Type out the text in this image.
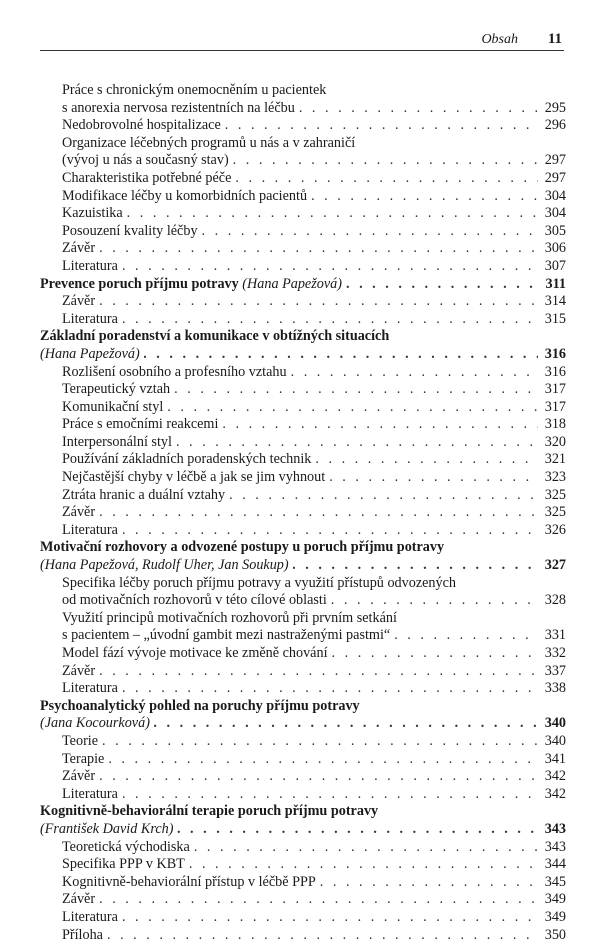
Obsah 11
Práce s chronickým onemocněním u pacientek
s anorexia nervosa rezistentních na léčbu . . .	295
Nedobrovolné hospitalizace . . .	296
Organizace léčebných programů u nás a v zahraničí
(vývoj u nás a současný stav) . . .	297
Charakteristika potřebné péče . . .	297
Modifikace léčby u komorbidních pacientů . . .	304
Kazuistika . . .	304
Posouzení kvality léčby . . .	305
Závěr . . .	306
Literatura . . .	307
Prevence poruch příjmu potravy (Hana Papežová) . . .	311
Závěr . . .	314
Literatura . . .	315
Základní poradenství a komunikace v obtížných situacích
(Hana Papežová) . . .	316
Rozlišení osobního a profesního vztahu . . .	316
Terapeutický vztah . . .	317
Komunikační styl . . .	317
Práce s emočními reakcemi . . .	318
Interpersonální styl . . .	320
Používání základních poradenských technik . . .	321
Nejčastější chyby v léčbě a jak se jim vyhnout . . .	323
Ztráta hranic a duální vztahy . . .	325
Závěr . . .	325
Literatura . . .	326
Motivační rozhovory a odvozené postupy u poruch příjmu potravy
(Hana Papežová, Rudolf Uher, Jan Soukup) . . .	327
Specifika léčby poruch příjmu potravy a využití přístupů odvozených
od motivačních rozhovorů v této cílové oblasti . . .	328
Využití principů motivačních rozhovorů při prvním setkání
s pacientem – „úvodní gambit mezi nastraženými pastmi“ . . .	331
Model fází vývoje motivace ke změně chování . . .	332
Závěr . . .	337
Literatura . . .	338
Psychoanalytický pohled na poruchy příjmu potravy
(Jana Kocourková) . . .	340
Teorie . . .	340
Terapie . . .	341
Závěr . . .	342
Literatura . . .	342
Kognitivně-behaviorální terapie poruch příjmu potravy
(František David Krch) . . .	343
Teoretická východiska . . .	343
Specifika PPP v KBT . . .	344
Kognitivně-behaviorální přístup v léčbě PPP . . .	345
Závěr . . .	349
Literatura . . .	349
Příloha . . .	350
